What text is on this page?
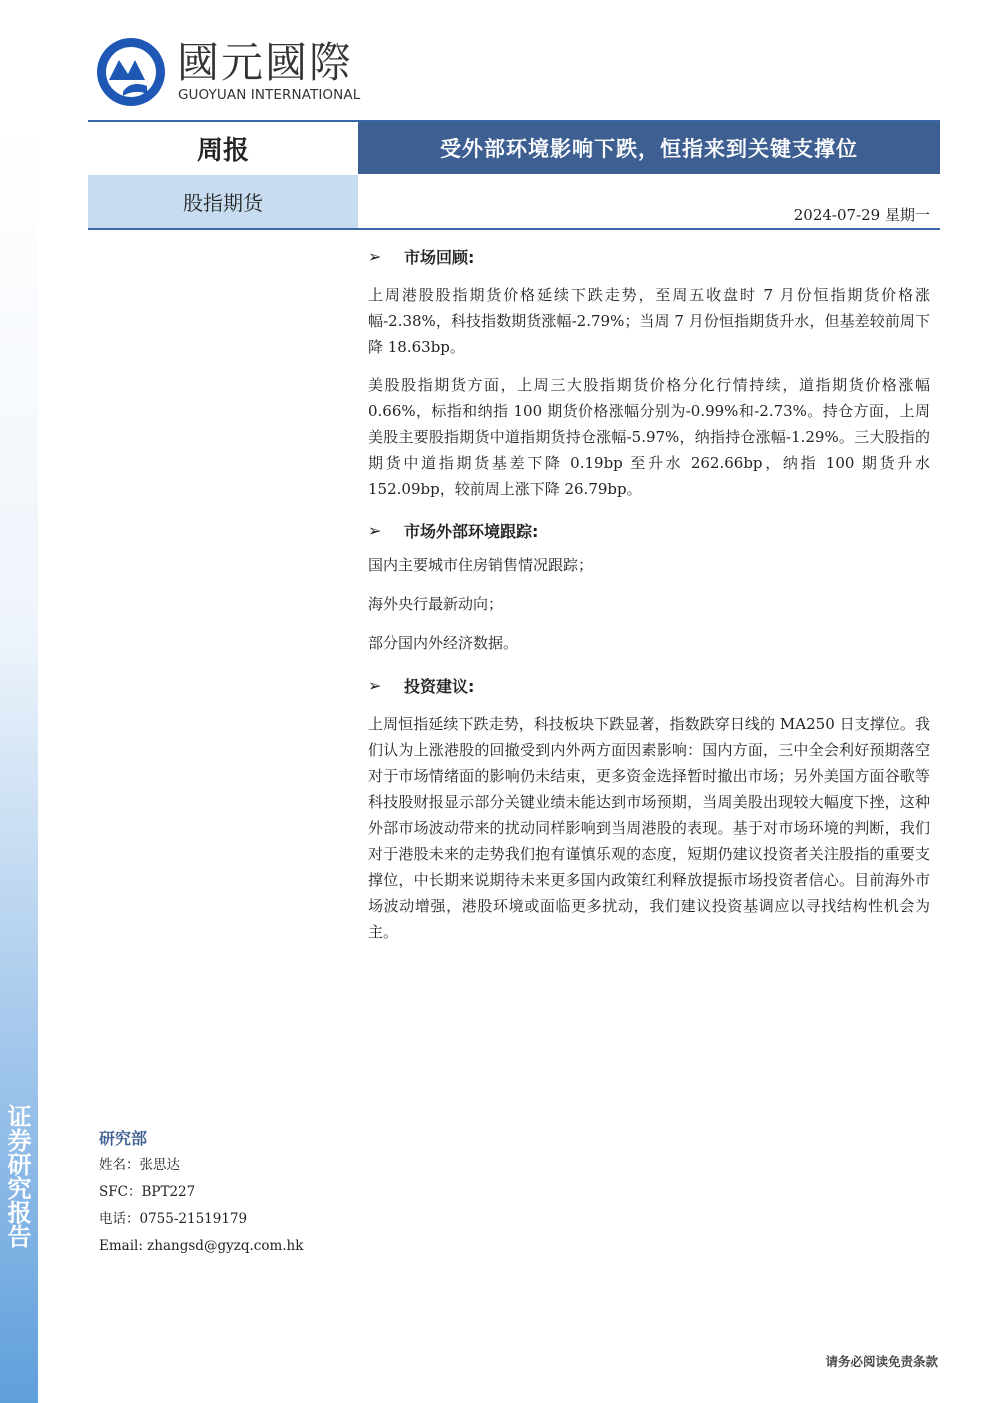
证券研究报告
國元國際
GUOYUAN INTERNATIONAL
周报	受外部环境影响下跌，恒指来到关键支撑位
股指期货	2024-07-29 星期一
➢	市场回顾:

上周港股股指期货价格延续下跌走势，至周五收盘时 7 月份恒指期货价格涨幅-2.38%，科技指数期货涨幅-2.79%；当周 7 月份恒指期货升水，但基差较前周下降 18.63bp。

美股股指期货方面，上周三大股指期货价格分化行情持续，道指期货价格涨幅 0.66%，标指和纳指 100 期货价格涨幅分别为-0.99%和-2.73%。持仓方面，上周美股主要股指期货中道指期货持仓涨幅-5.97%，纳指持仓涨幅-1.29%。三大股指的期货中道指期货基差下降 0.19bp 至升水 262.66bp，纳指 100 期货升水 152.09bp，较前周上涨下降 26.79bp。

➢	市场外部环境跟踪:
国内主要城市住房销售情况跟踪；
海外央行最新动向；
部分国内外经济数据。
➢	投资建议:

上周恒指延续下跌走势，科技板块下跌显著，指数跌穿日线的 MA250 日支撑位。我们认为上涨港股的回撤受到内外两方面因素影响：国内方面，三中全会利好预期落空对于市场情绪面的影响仍未结束，更多资金选择暂时撤出市场；另外美国方面谷歌等科技股财报显示部分关键业绩未能达到市场预期，当周美股出现较大幅度下挫，这种外部市场波动带来的扰动同样影响到当周港股的表现。基于对市场环境的判断，我们对于港股未来的走势我们抱有谨慎乐观的态度，短期仍建议投资者关注股指的重要支撑位，中长期来说期待未来更多国内政策红利释放提振市场投资者信心。目前海外市场波动增强，港股环境或面临更多扰动，我们建议投资基调应以寻找结构性机会为主。

研究部
姓名：张思达
SFC：BPT227
电话：0755-21519179
Email: zhangsd@gyzq.com.hk
请务必阅读免责条款
